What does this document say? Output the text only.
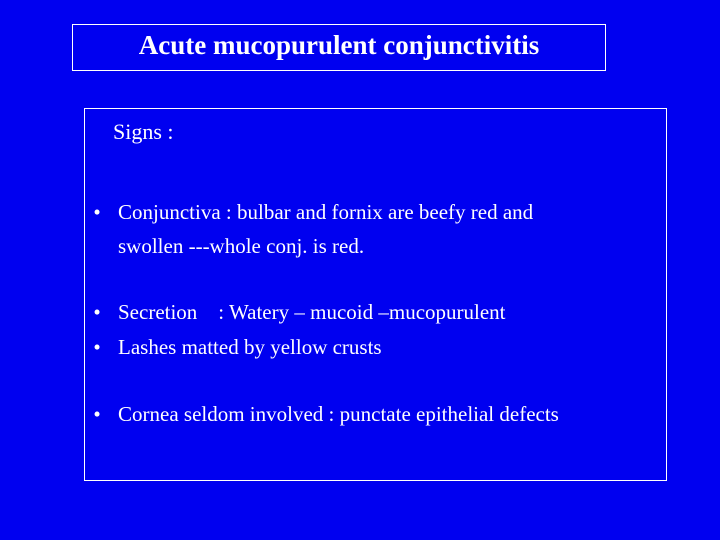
Acute mucopurulent conjunctivitis
Signs :
• Conjunctiva : bulbar and fornix are beefy red and
swollen ---whole conj. is red.
• Secretion    : Watery – mucoid –mucopurulent
• Lashes matted by yellow crusts
• Cornea seldom involved : punctate epithelial defects
